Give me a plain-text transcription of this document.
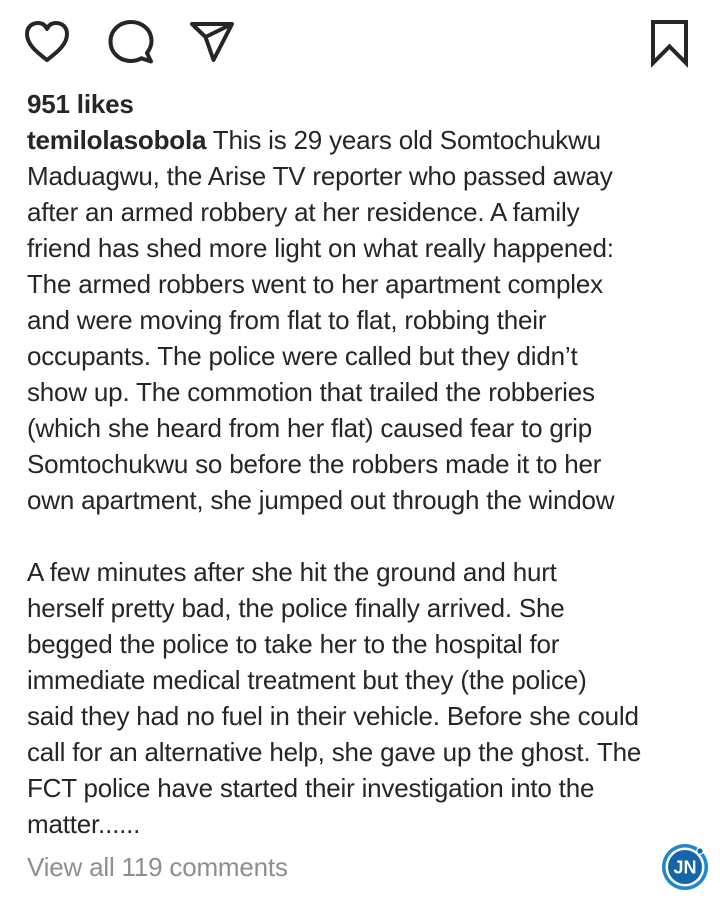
951 likes

temilolasobola This is 29 years old Somtochukwu

Maduagwu, the Arise TV reporter who passed away

after an armed robbery at her residence. A family

friend has shed more light on what really happened:

The armed robbers went to her apartment complex

and were moving from flat to flat, robbing their

occupants. The police were called but they didn’t

show up. The commotion that trailed the robberies

(which she heard from her flat) caused fear to grip

Somtochukwu so before the robbers made it to her

own apartment, she jumped out through the window

A few minutes after she hit the ground and hurt

herself pretty bad, the police finally arrived. She

begged the police to take her to the hospital for

immediate medical treatment but they (the police)

said they had no fuel in their vehicle. Before she could

call for an alternative help, she gave up the ghost. The

FCT police have started their investigation into the

matter......

View all 119 comments	JN
